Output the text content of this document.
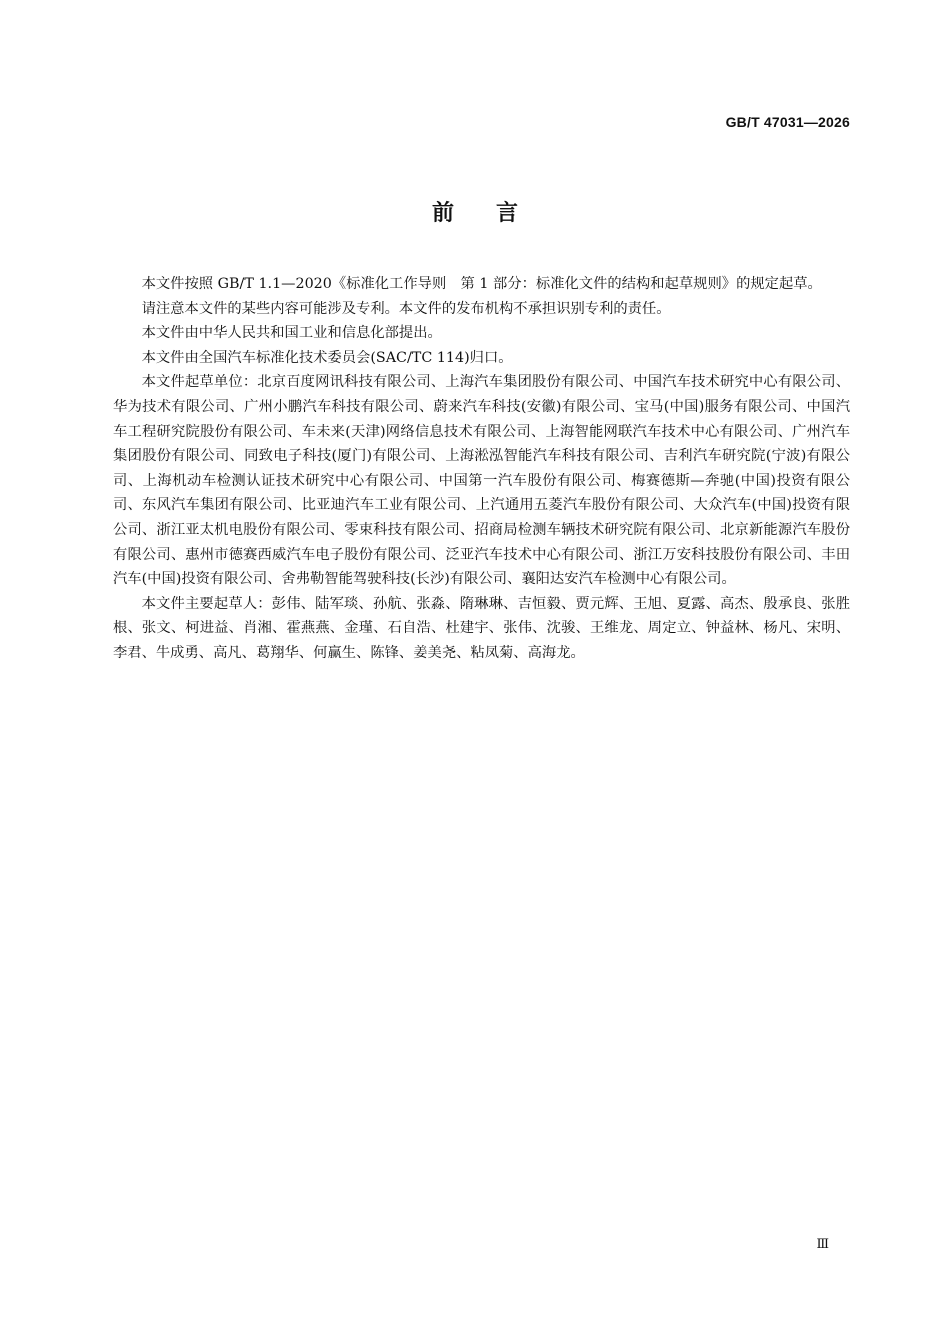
GB/T 47031—2026
前言

本文件按照 GB/T 1.1—2020《标准化工作导则　第 1 部分：标准化文件的结构和起草规则》的规定起草。

请注意本文件的某些内容可能涉及专利。本文件的发布机构不承担识别专利的责任。

本文件由中华人民共和国工业和信息化部提出。

本文件由全国汽车标准化技术委员会(SAC/TC 114)归口。

本文件起草单位：北京百度网讯科技有限公司、上海汽车集团股份有限公司、中国汽车技术研究中心有限公司、华为技术有限公司、广州小鹏汽车科技有限公司、蔚来汽车科技(安徽)有限公司、宝马(中国)服务有限公司、中国汽车工程研究院股份有限公司、车未来(天津)网络信息技术有限公司、上海智能网联汽车技术中心有限公司、广州汽车集团股份有限公司、同致电子科技(厦门)有限公司、上海淞泓智能汽车科技有限公司、吉利汽车研究院(宁波)有限公司、上海机动车检测认证技术研究中心有限公司、中国第一汽车股份有限公司、梅赛德斯—奔驰(中国)投资有限公司、东风汽车集团有限公司、比亚迪汽车工业有限公司、上汽通用五菱汽车股份有限公司、大众汽车(中国)投资有限公司、浙江亚太机电股份有限公司、零束科技有限公司、招商局检测车辆技术研究院有限公司、北京新能源汽车股份有限公司、惠州市德赛西威汽车电子股份有限公司、泛亚汽车技术中心有限公司、浙江万安科技股份有限公司、丰田汽车(中国)投资有限公司、舍弗勒智能驾驶科技(长沙)有限公司、襄阳达安汽车检测中心有限公司。

本文件主要起草人：彭伟、陆军琰、孙航、张淼、隋琳琳、吉恒毅、贾元辉、王旭、夏露、高杰、殷承良、张胜根、张文、柯进益、肖湘、霍燕燕、金瑾、石自浩、杜建宇、张伟、沈骏、王维龙、周定立、钟益林、杨凡、宋明、李君、牛成勇、高凡、葛翔华、何赢生、陈锋、姜美尧、粘凤菊、高海龙。

Ⅲ
